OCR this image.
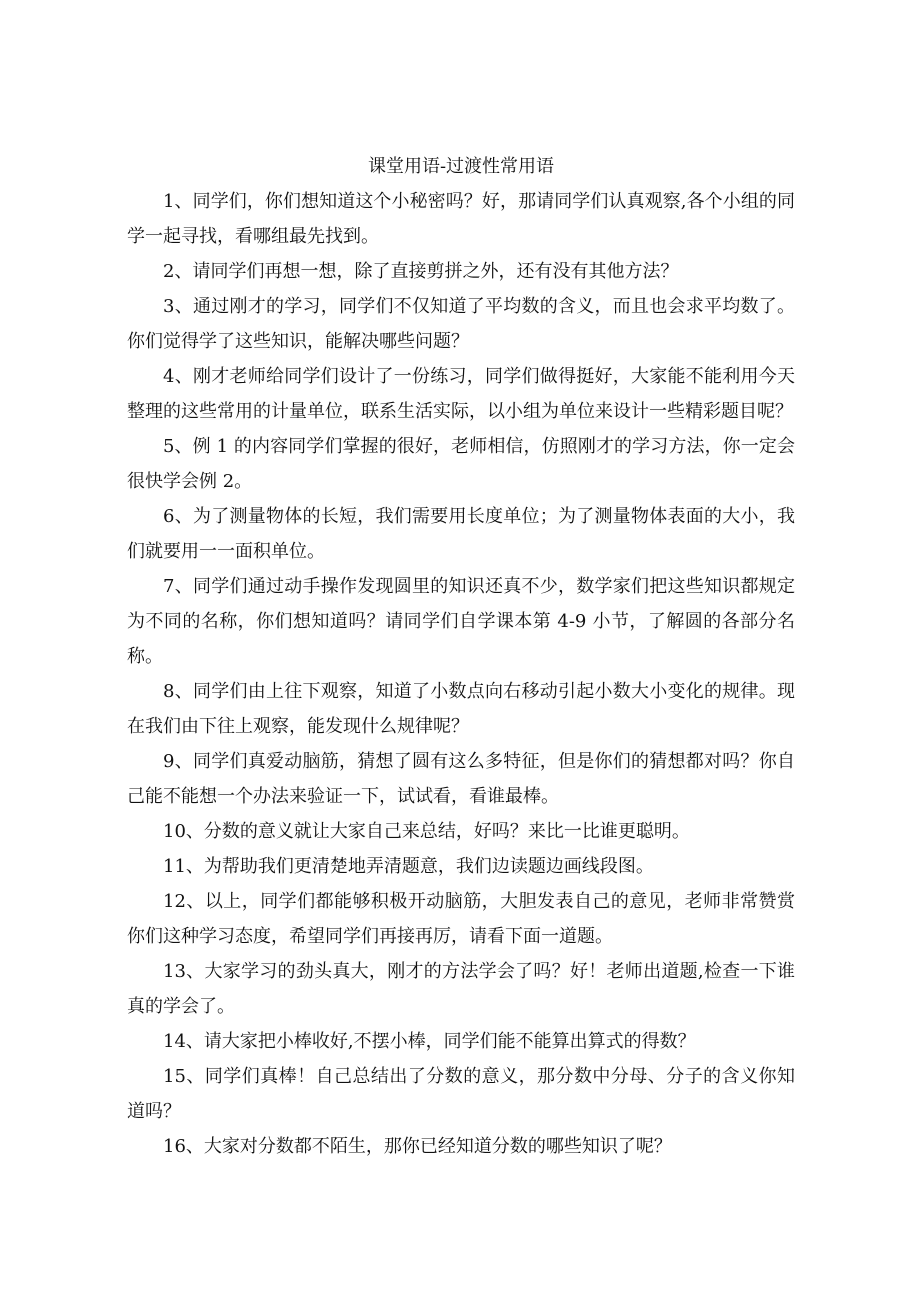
课堂用语-过渡性常用语

1、同学们，你们想知道这个小秘密吗？好，那请同学们认真观察,各个小组的同学一起寻找，看哪组最先找到。

2、请同学们再想一想，除了直接剪拼之外，还有没有其他方法？

3、通过刚才的学习，同学们不仅知道了平均数的含义，而且也会求平均数了。你们觉得学了这些知识，能解决哪些问题？

4、刚才老师给同学们设计了一份练习，同学们做得挺好，大家能不能利用今天整理的这些常用的计量单位，联系生活实际，以小组为单位来设计一些精彩题目呢？

5、例 1 的内容同学们掌握的很好，老师相信，仿照刚才的学习方法，你一定会很快学会例 2。

6、为了测量物体的长短，我们需要用长度单位；为了测量物体表面的大小，我们就要用一一面积单位。

7、同学们通过动手操作发现圆里的知识还真不少，数学家们把这些知识都规定为不同的名称，你们想知道吗？请同学们自学课本第 4-9 小节，了解圆的各部分名称。

8、同学们由上往下观察，知道了小数点向右移动引起小数大小变化的规律。现在我们由下往上观察，能发现什么规律呢？

9、同学们真爱动脑筋，猜想了圆有这么多特征，但是你们的猜想都对吗？你自己能不能想一个办法来验证一下，试试看，看谁最棒。

10、分数的意义就让大家自己来总结，好吗？来比一比谁更聪明。

11、为帮助我们更清楚地弄清题意，我们边读题边画线段图。

12、以上，同学们都能够积极开动脑筋，大胆发表自己的意见，老师非常赞赏你们这种学习态度，希望同学们再接再厉，请看下面一道题。

13、大家学习的劲头真大，刚才的方法学会了吗？好！老师出道题,检查一下谁真的学会了。

14、请大家把小棒收好,不摆小棒，同学们能不能算出算式的得数？

15、同学们真棒！自己总结出了分数的意义，那分数中分母、分子的含义你知道吗？

16、大家对分数都不陌生，那你已经知道分数的哪些知识了呢？
